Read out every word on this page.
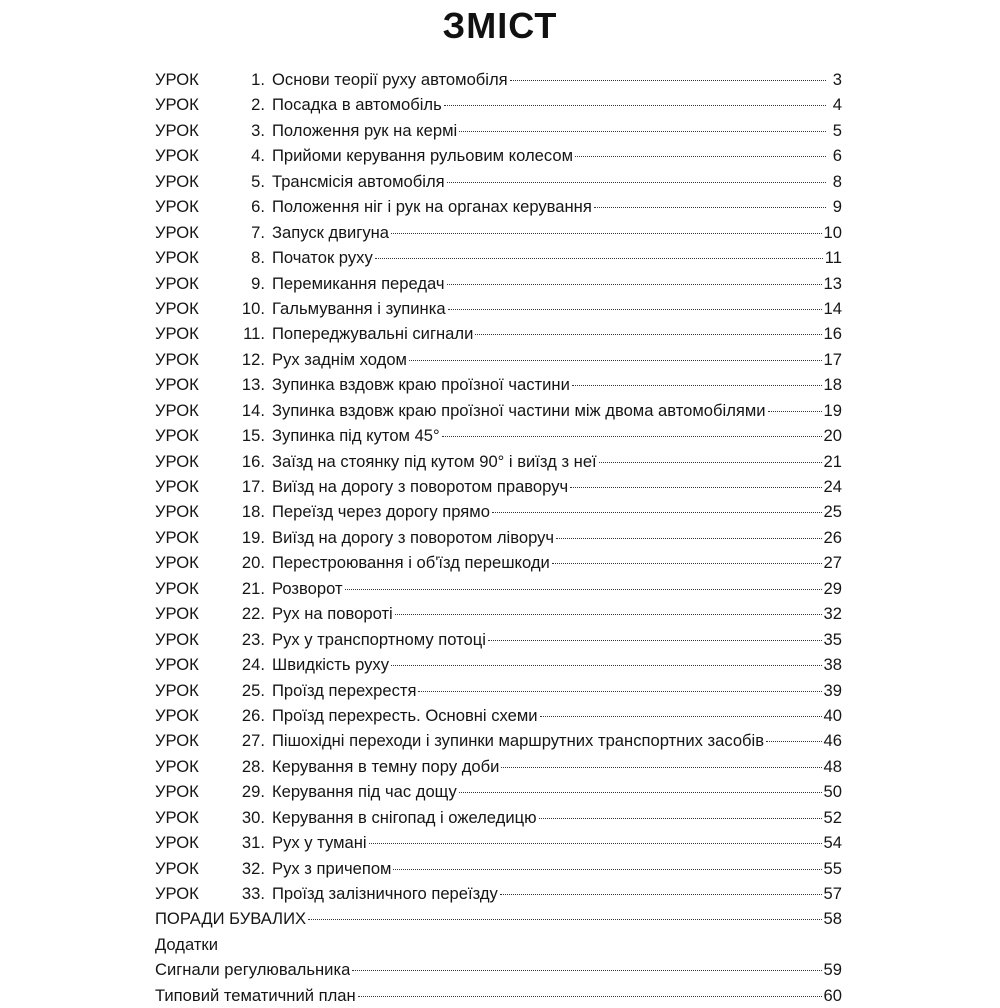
ЗМІСТ
УРОК	1. Основи теорії руху автомобіля	3
УРОК	2. Посадка в автомобіль	4
УРОК	3. Положення рук на кермі	5
УРОК	4. Прийоми керування рульовим колесом	6
УРОК	5. Трансмісія автомобіля	8
УРОК	6. Положення ніг і рук на органах керування	9
УРОК	7. Запуск двигуна	10
УРОК	8. Початок руху	11
УРОК	9. Перемикання передач	13
УРОК	10. Гальмування і зупинка	14
УРОК	11. Попереджувальні сигнали	16
УРОК	12. Рух заднім ходом	17
УРОК	13. Зупинка вздовж краю проїзної частини	18
УРОК	14. Зупинка вздовж краю проїзної частини між двома автомобілями	19
УРОК	15. Зупинка під кутом 45°	20
УРОК	16. Заїзд на стоянку під кутом 90° і виїзд з неї	21
УРОК	17. Виїзд на дорогу з поворотом праворуч	24
УРОК	18. Переїзд через дорогу прямо	25
УРОК	19. Виїзд на дорогу з поворотом ліворуч	26
УРОК	20. Перестроювання і об'їзд перешкоди	27
УРОК	21. Розворот	29
УРОК	22. Рух на повороті	32
УРОК	23. Рух у транспортному потоці	35
УРОК	24. Швидкість руху	38
УРОК	25. Проїзд перехрестя	39
УРОК	26. Проїзд перехресть. Основні схеми	40
УРОК	27. Пішохідні переходи і зупинки маршрутних транспортних засобів	46
УРОК	28. Керування в темну пору доби	48
УРОК	29. Керування під час дощу	50
УРОК	30. Керування в снігопад і ожеледицю	52
УРОК	31. Рух у тумані	54
УРОК	32. Рух з причепом	55
УРОК	33. Проїзд залізничного переїзду	57
ПОРАДИ БУВАЛИХ	58
Додатки
Сигнали регулювальника	59
Типовий тематичний план	60
